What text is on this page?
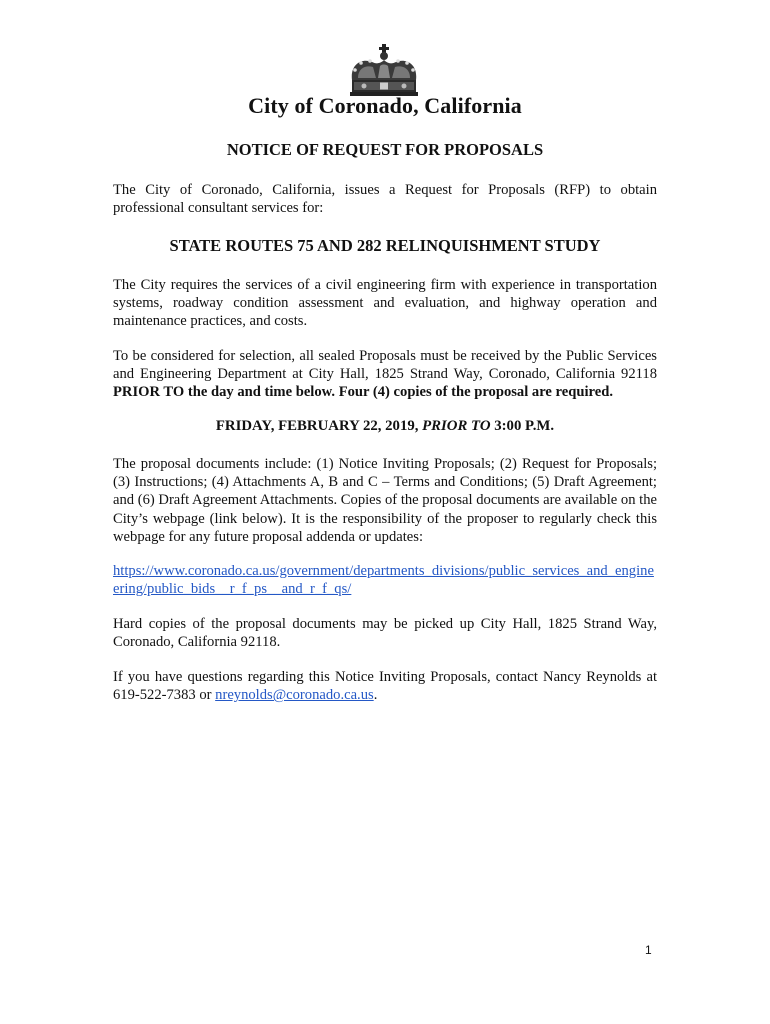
City of Coronado, California
NOTICE OF REQUEST FOR PROPOSALS

The City of Coronado, California, issues a Request for Proposals (RFP) to obtain professional consultant services for:

STATE ROUTES 75 AND 282 RELINQUISHMENT STUDY

The City requires the services of a civil engineering firm with experience in transportation systems, roadway condition assessment and evaluation, and highway operation and maintenance practices, and costs.

To be considered for selection, all sealed Proposals must be received by the Public Services and Engineering Department at City Hall, 1825 Strand Way, Coronado, California 92118 PRIOR TO the day and time below. Four (4) copies of the proposal are required.

FRIDAY, FEBRUARY 22, 2019, PRIOR TO 3:00 P.M.

The proposal documents include: (1) Notice Inviting Proposals; (2) Request for Proposals; (3) Instructions; (4) Attachments A, B and C – Terms and Conditions; (5) Draft Agreement; and (6) Draft Agreement Attachments. Copies of the proposal documents are available on the City’s webpage (link below). It is the responsibility of the proposer to regularly check this webpage for any future proposal addenda or updates:

https://www.coronado.ca.us/government/departments_divisions/public_services_and_engineering/public_bids__r_f_ps__and_r_f_qs/

Hard copies of the proposal documents may be picked up City Hall, 1825 Strand Way, Coronado, California 92118.

If you have questions regarding this Notice Inviting Proposals, contact Nancy Reynolds at 619-522-7383 or nreynolds@coronado.ca.us.

1
